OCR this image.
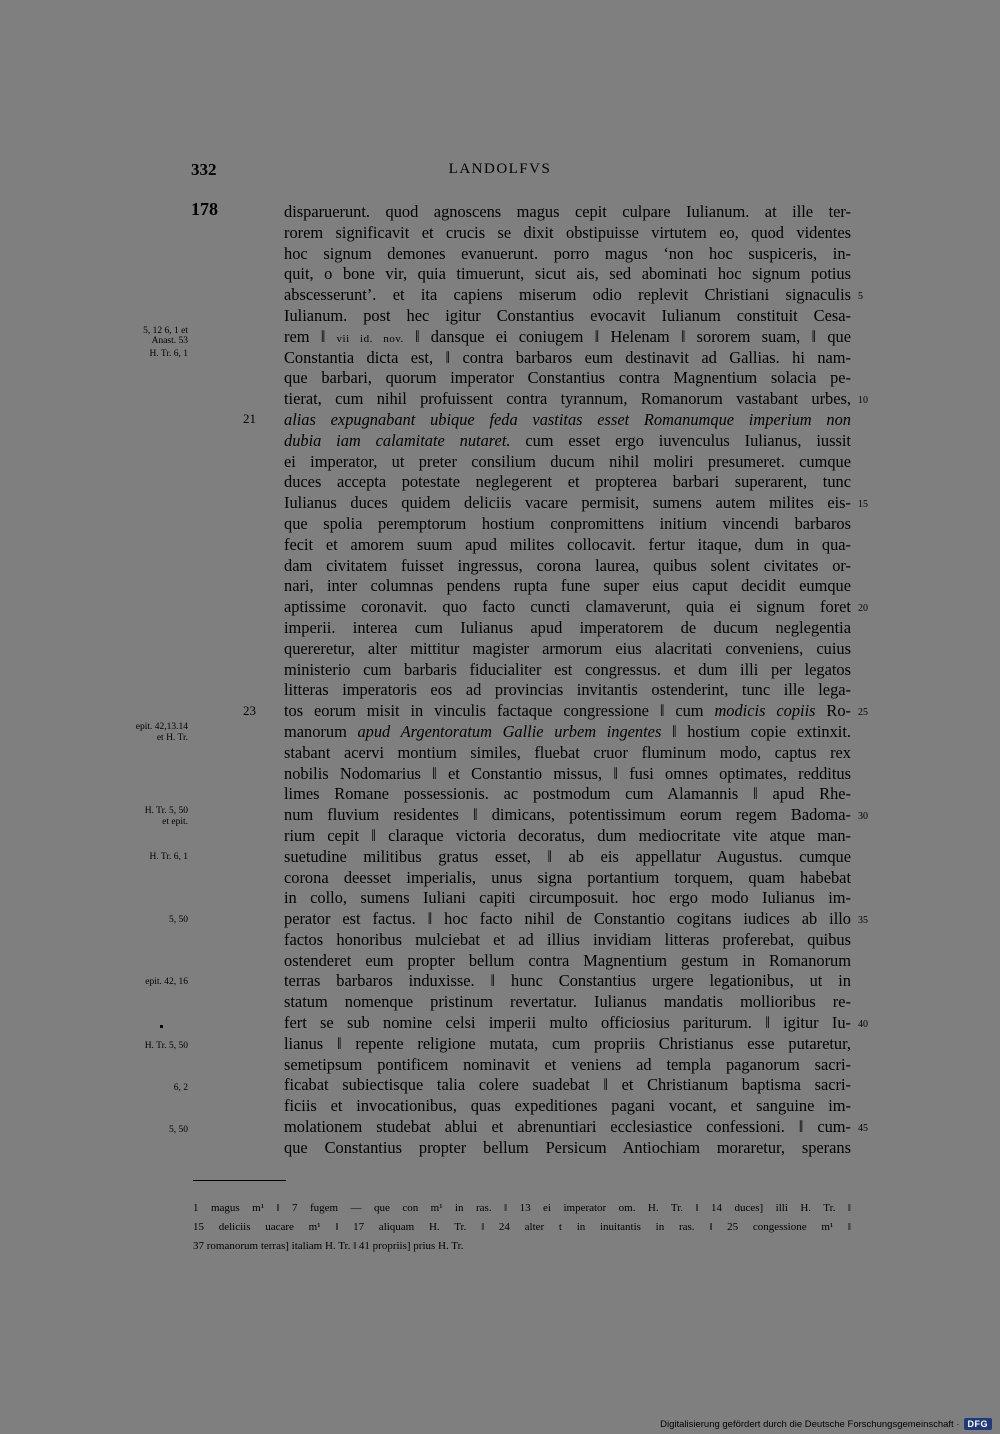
332	LANDOLFVS
178
5, 12 6, 1 et
Anast. 53
H. Tr. 6, 1
epit. 42,13.14
et H. Tr.
H. Tr. 5, 50
et epit.
H. Tr. 6, 1
5, 50
epit. 42, 16
H. Tr. 5, 50
6, 2
5, 50
21
23
5
10
15
20
25
30
35
40
45
disparuerunt. quod agnoscens magus cepit culpare Iulianum. at ille ter-
rorem significavit et crucis se dixit obstipuisse virtutem eo, quod videntes
hoc signum demones evanuerunt. porro magus ‘non hoc suspiceris, in-
quit, o bone vir, quia timuerunt, sicut ais, sed abominati hoc signum potius
abscesserunt’. et ita capiens miserum odio replevit Christiani signaculis
Iulianum. post hec igitur Constantius evocavit Iulianum constituit Cesa-
rem ‖ vii id. nov. ‖ dansque ei coniugem ‖ Helenam ‖ sororem suam, ‖ que
Constantia dicta est, ‖ contra barbaros eum destinavit ad Gallias. hi nam-
que barbari, quorum imperator Constantius contra Magnentium solacia pe-
tierat, cum nihil profuissent contra tyrannum, Romanorum vastabant urbes,
alias expugnabant ubique feda vastitas esset Romanumque imperium non
dubia iam calamitate nutaret. cum esset ergo iuvenculus Iulianus, iussit
ei imperator, ut preter consilium ducum nihil moliri presumeret. cumque
duces accepta potestate neglegerent et propterea barbari superarent, tunc
Iulianus duces quidem deliciis vacare permisit, sumens autem milites eis-
que spolia peremptorum hostium conpromittens initium vincendi barbaros
fecit et amorem suum apud milites collocavit. fertur itaque, dum in qua-
dam civitatem fuisset ingressus, corona laurea, quibus solent civitates or-
nari, inter columnas pendens rupta fune super eius caput decidit eumque
aptissime coronavit. quo facto cuncti clamaverunt, quia ei signum foret
imperii. interea cum Iulianus apud imperatorem de ducum neglegentia
quereretur, alter mittitur magister armorum eius alacritati conveniens, cuius
ministerio cum barbaris fiducialiter est congressus. et dum illi per legatos
litteras imperatoris eos ad provincias invitantis ostenderint, tunc ille lega-
tos eorum misit in vinculis factaque congressione ‖ cum modicis copiis Ro-
manorum apud Argentoratum Gallie urbem ingentes ‖ hostium copie extinxit.
stabant acervi montium similes, fluebat cruor fluminum modo, captus rex
nobilis Nodomarius ‖ et Constantio missus, ‖ fusi omnes optimates, redditus
limes Romane possessionis. ac postmodum cum Alamannis ‖ apud Rhe-
num fluvium residentes ‖ dimicans, potentissimum eorum regem Badoma-
rium cepit ‖ claraque victoria decoratus, dum mediocritate vite atque man-
suetudine militibus gratus esset, ‖ ab eis appellatur Augustus. cumque
corona deesset imperialis, unus signa portantium torquem, quam habebat
in collo, sumens Iuliani capiti circumposuit. hoc ergo modo Iulianus im-
perator est factus. ‖ hoc facto nihil de Constantio cogitans iudices ab illo
factos honoribus mulciebat et ad illius invidiam litteras proferebat, quibus
ostenderet eum propter bellum contra Magnentium gestum in Romanorum
terras barbaros induxisse. ‖ hunc Constantius urgere legationibus, ut in
statum nomenque pristinum revertatur. Iulianus mandatis mollioribus re-
fert se sub nomine celsi imperii multo officiosius pariturum. ‖ igitur Iu-
lianus ‖ repente religione mutata, cum propriis Christianus esse putaretur,
semetipsum pontificem nominavit et veniens ad templa paganorum sacri-
ficabat subiectisque talia colere suadebat ‖ et Christianum baptisma sacri-
ficiis et invocationibus, quas expeditiones pagani vocant, et sanguine im-
molationem studebat ablui et abrenuntiari ecclesiastice confessioni. ‖ cum-
que Constantius propter bellum Persicum Antiochiam moraretur, sperans
1 magus m¹ ‖ 7 fugem — que con m¹ in ras. ‖ 13 ei imperator om. H. Tr. ‖ 14 duces] illi H. Tr. ‖
15 deliciis uacare m¹ ‖ 17 aliquam H. Tr. ‖ 24 alter t in inuitantis in ras. ‖ 25 congessione m¹ ‖
37 romanorum terras] italiam H. Tr. ‖ 41 propriis] prius H. Tr.
Digitalisierung gefördert durch die Deutsche Forschungsgemeinschaft · DFG
